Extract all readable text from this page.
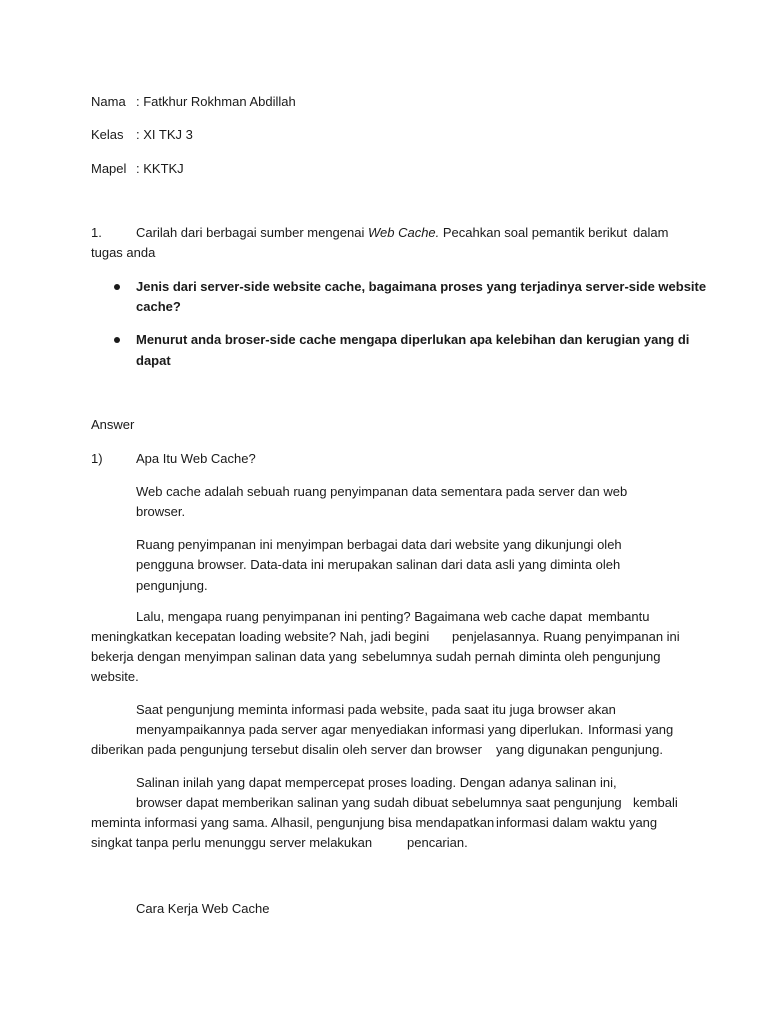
Nama : Fatkhur Rokhman Abdillah

Kelas : XI TKJ 3

Mapel : KKTKJ

1.	Carilah dari berbagai sumber mengenai Web Cache. Pecahkan soal pemantik berikut dalam

tugas anda

Jenis dari server-side website cache, bagaimana proses yang terjadinya server-side website

cache?

Menurut anda broser-side cache mengapa diperlukan apa kelebihan dan kerugian yang di

dapat

Answer

1)	Apa Itu Web Cache?

Web cache adalah sebuah ruang penyimpanan data sementara pada server dan web

browser.

Ruang penyimpanan ini menyimpan berbagai data dari website yang dikunjungi oleh

pengguna browser. Data-data ini merupakan salinan dari data asli yang diminta oleh

pengunjung.

Lalu, mengapa ruang penyimpanan ini penting? Bagaimana web cache dapat membantu

meningkatkan kecepatan loading website? Nah, jadi begini penjelasannya. Ruang penyimpanan ini

bekerja dengan menyimpan salinan data yang sebelumnya sudah pernah diminta oleh pengunjung

website.

Saat pengunjung meminta informasi pada website, pada saat itu juga browser akan

menyampaikannya pada server agar menyediakan informasi yang diperlukan. Informasi yang

diberikan pada pengunjung tersebut disalin oleh server dan browser yang digunakan pengunjung.

Salinan inilah yang dapat mempercepat proses loading. Dengan adanya salinan ini,

browser dapat memberikan salinan yang sudah dibuat sebelumnya saat pengunjung kembali

meminta informasi yang sama. Alhasil, pengunjung bisa mendapatkan informasi dalam waktu yang

singkat tanpa perlu menunggu server melakukan	pencarian.

Cara Kerja Web Cache
